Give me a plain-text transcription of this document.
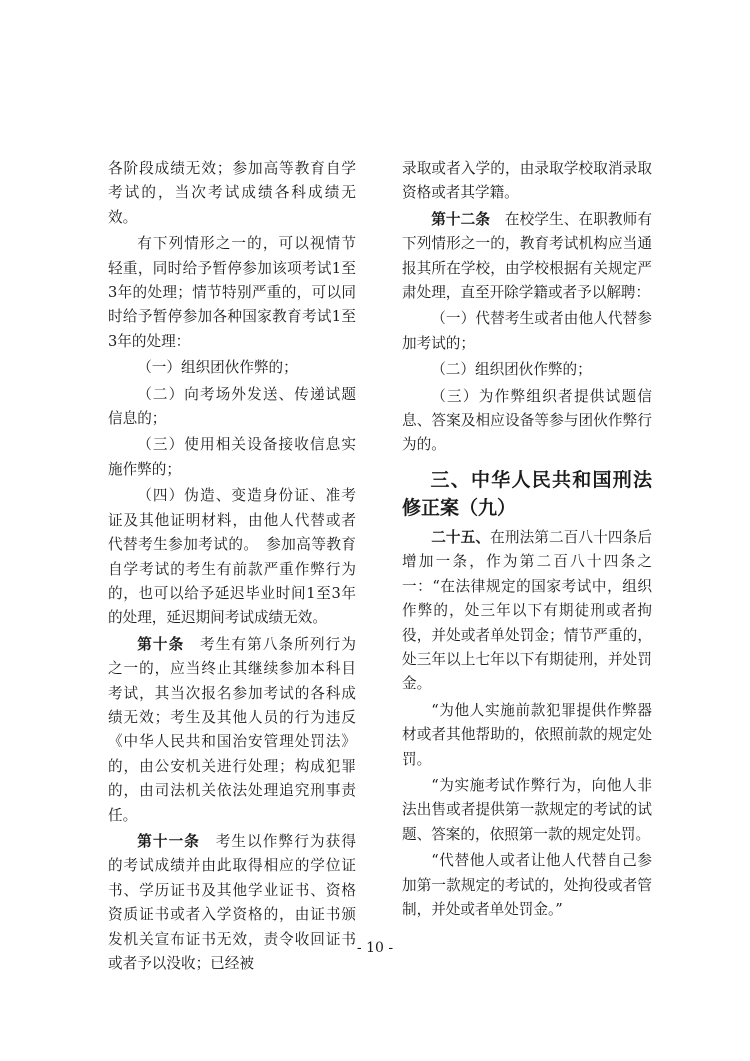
各阶段成绩无效；参加高等教育自学考试的，当次考试成绩各科成绩无效。

有下列情形之一的，可以视情节轻重，同时给予暂停参加该项考试1至3年的处理；情节特别严重的，可以同时给予暂停参加各种国家教育考试1至3年的处理：

（一）组织团伙作弊的；

（二）向考场外发送、传递试题信息的；

（三）使用相关设备接收信息实施作弊的；

（四）伪造、变造身份证、准考证及其他证明材料，由他人代替或者代替考生参加考试的。　参加高等教育自学考试的考生有前款严重作弊行为的，也可以给予延迟毕业时间1至3年的处理，延迟期间考试成绩无效。

第十条　考生有第八条所列行为之一的，应当终止其继续参加本科目考试，其当次报名参加考试的各科成绩无效；考生及其他人员的行为违反《中华人民共和国治安管理处罚法》的，由公安机关进行处理；构成犯罪的，由司法机关依法处理追究刑事责任。

第十一条　考生以作弊行为获得的考试成绩并由此取得相应的学位证书、学历证书及其他学业证书、资格资质证书或者入学资格的，由证书颁发机关宣布证书无效，责令收回证书或者予以没收；已经被

录取或者入学的，由录取学校取消录取资格或者其学籍。

第十二条　在校学生、在职教师有下列情形之一的，教育考试机构应当通报其所在学校，由学校根据有关规定严肃处理，直至开除学籍或者予以解聘：

（一）代替考生或者由他人代替参加考试的；

（二）组织团伙作弊的；

（三）为作弊组织者提供试题信息、答案及相应设备等参与团伙作弊行为的。

三、中华人民共和国刑法修正案（九）

二十五、在刑法第二百八十四条后增加一条，作为第二百八十四条之一：“在法律规定的国家考试中，组织作弊的，处三年以下有期徒刑或者拘役，并处或者单处罚金；情节严重的，处三年以上七年以下有期徒刑，并处罚金。

“为他人实施前款犯罪提供作弊器材或者其他帮助的，依照前款的规定处罚。

“为实施考试作弊行为，向他人非法出售或者提供第一款规定的考试的试题、答案的，依照第一款的规定处罚。

“代替他人或者让他人代替自己参加第一款规定的考试的，处拘役或者管制，并处或者单处罚金。”

- 10 -
